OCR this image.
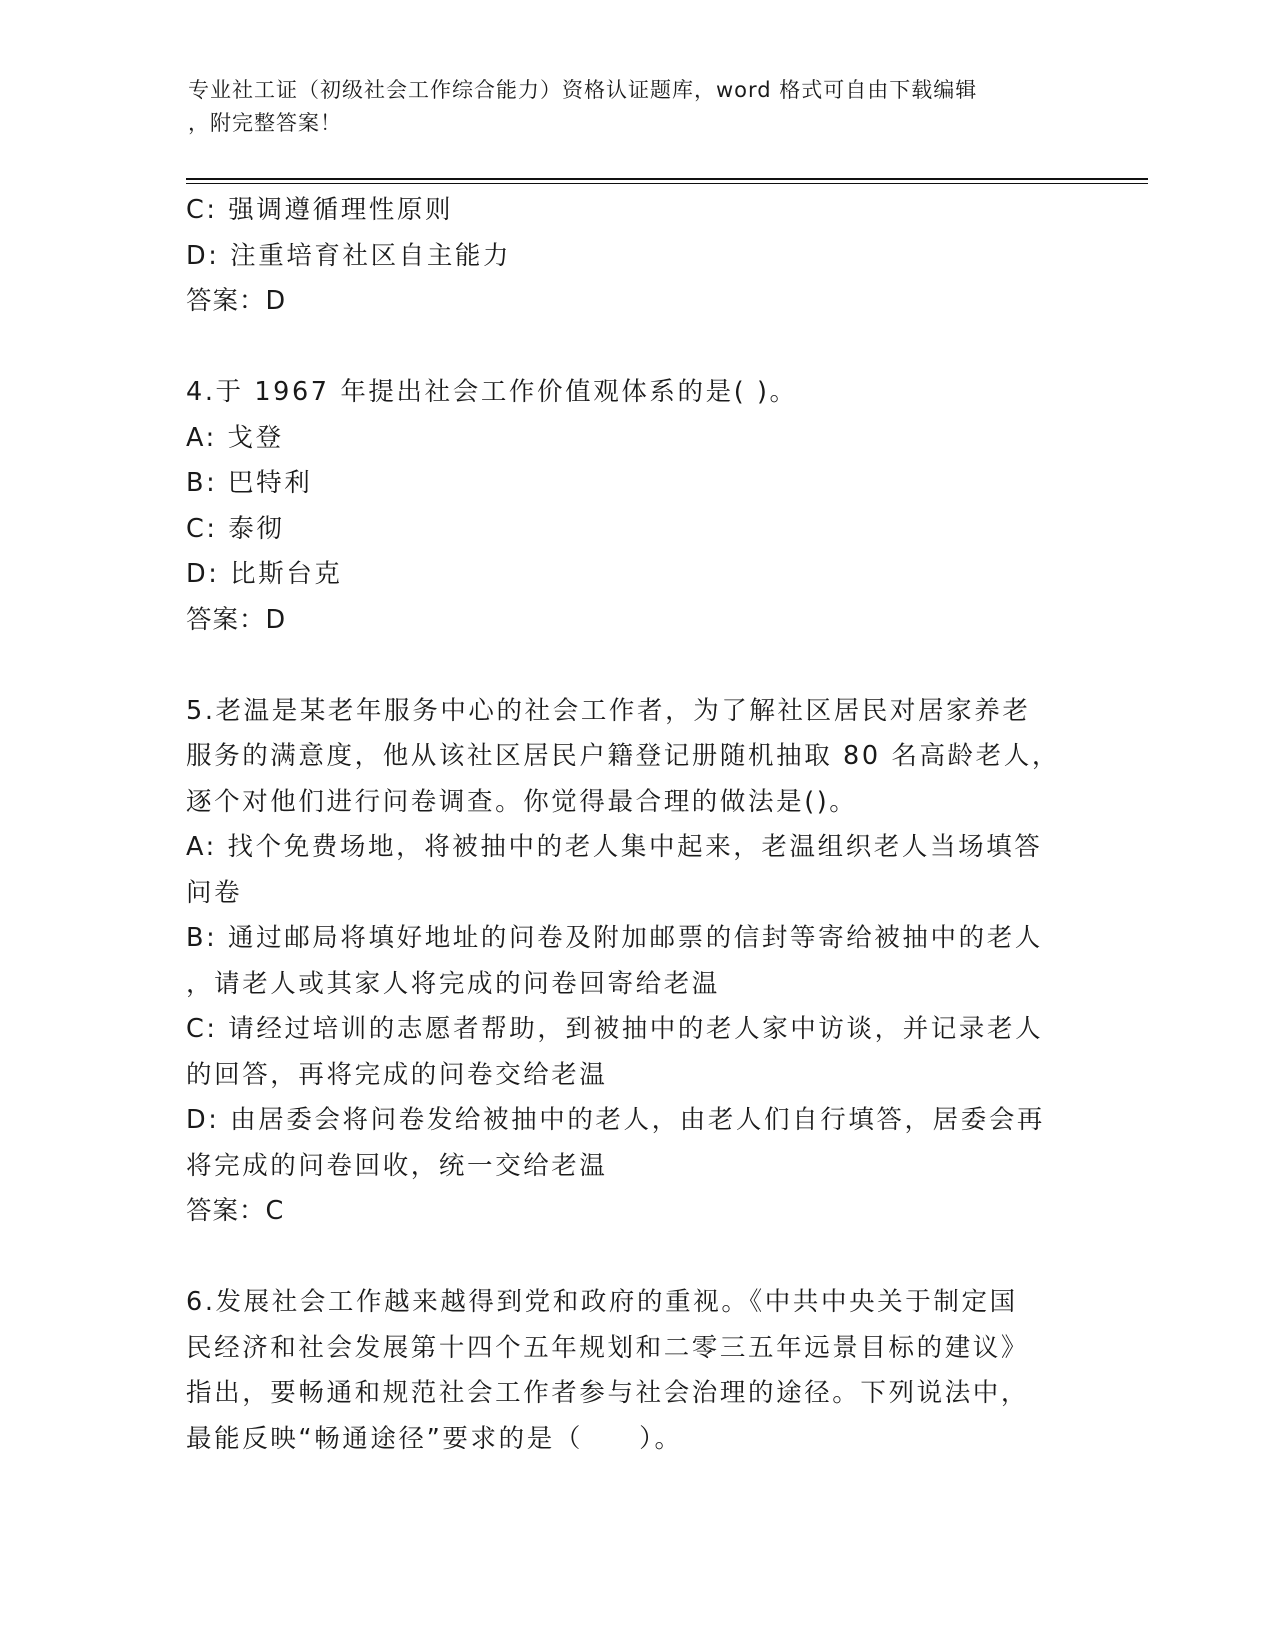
专业社工证（初级社会工作综合能力）资格认证题库，word 格式可自由下载编辑
，附完整答案！
C: 强调遵循理性原则
D: 注重培育社区自主能力
答案：D
4.于 1967 年提出社会工作价值观体系的是( )。
A: 戈登
B: 巴特利
C: 泰彻
D: 比斯台克
答案：D
5.老温是某老年服务中心的社会工作者，为了解社区居民对居家养老
服务的满意度，他从该社区居民户籍登记册随机抽取 80 名高龄老人，
逐个对他们进行问卷调查。你觉得最合理的做法是()。
A: 找个免费场地，将被抽中的老人集中起来，老温组织老人当场填答
问卷
B: 通过邮局将填好地址的问卷及附加邮票的信封等寄给被抽中的老人
，请老人或其家人将完成的问卷回寄给老温
C: 请经过培训的志愿者帮助，到被抽中的老人家中访谈，并记录老人
的回答，再将完成的问卷交给老温
D: 由居委会将问卷发给被抽中的老人，由老人们自行填答，居委会再
将完成的问卷回收，统一交给老温
答案：C
6.发展社会工作越来越得到党和政府的重视。《中共中央关于制定国
民经济和社会发展第十四个五年规划和二零三五年远景目标的建议》
指出，要畅通和规范社会工作者参与社会治理的途径。下列说法中，
最能反映“畅通途径”要求的是（　　）。
